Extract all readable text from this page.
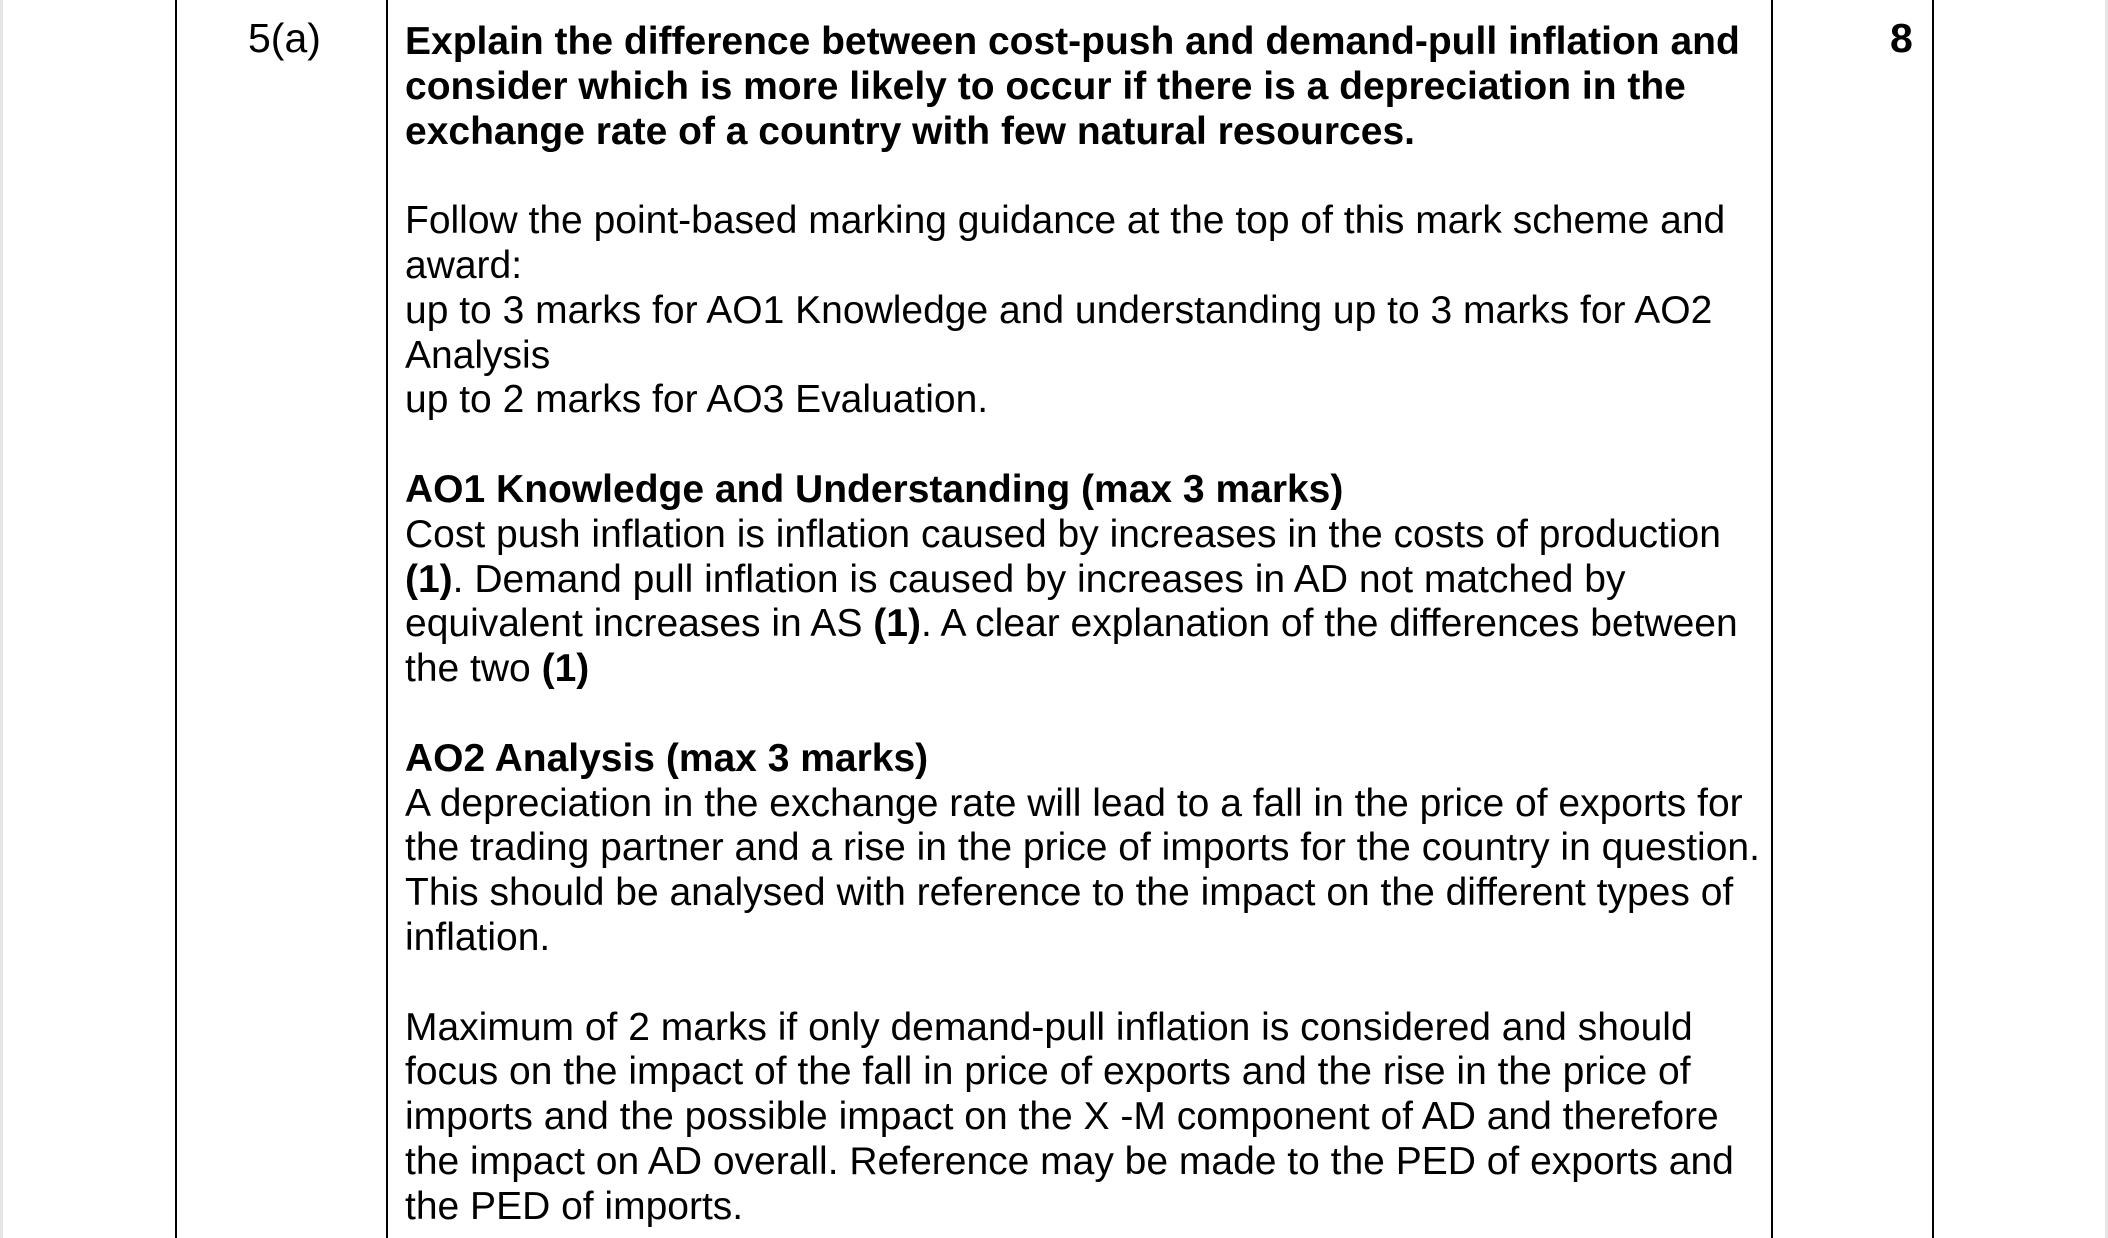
5(a)	8

Explain the difference between cost-push and demand-pull inflation and consider which is more likely to occur if there is a depreciation in the exchange rate of a country with few natural resources.

Follow the point-based marking guidance at the top of this mark scheme and award:

up to 3 marks for AO1 Knowledge and understanding up to 3 marks for AO2 Analysis

up to 2 marks for AO3 Evaluation.

AO1 Knowledge and Understanding (max 3 marks)

Cost push inflation is inflation caused by increases in the costs of production (1). Demand pull inflation is caused by increases in AD not matched by equivalent increases in AS (1). A clear explanation of the differences between the two (1)

AO2 Analysis (max 3 marks)

A depreciation in the exchange rate will lead to a fall in the price of exports for the trading partner and a rise in the price of imports for the country in question. This should be analysed with reference to the impact on the different types of inflation.

Maximum of 2 marks if only demand-pull inflation is considered and should focus on the impact of the fall in price of exports and the rise in the price of imports and the possible impact on the X -M component of AD and therefore the impact on AD overall. Reference may be made to the PED of exports and the PED of imports.
